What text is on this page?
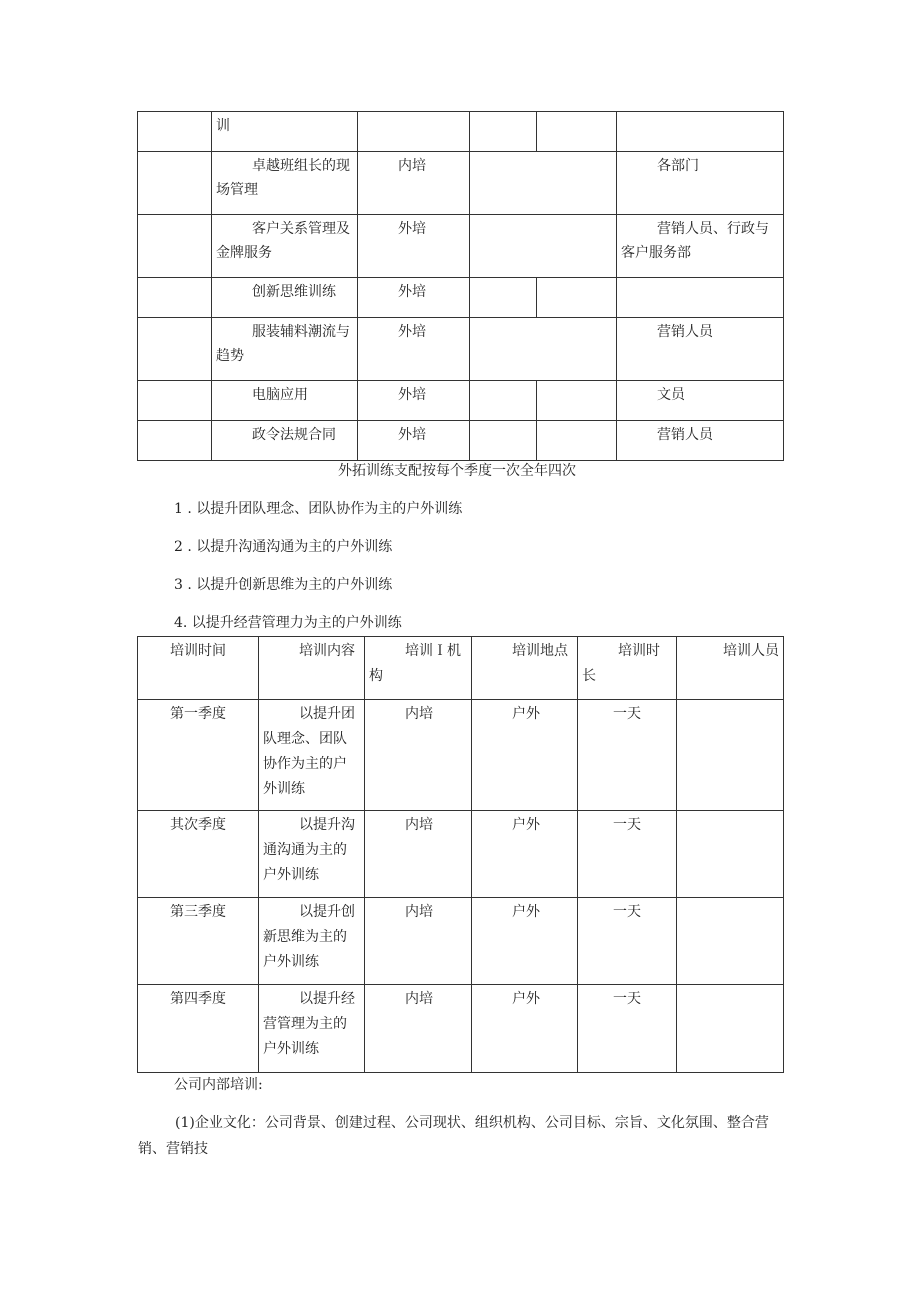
	训				
	卓越班组长的现场管理	内培			各部门
	客户关系管理及金牌服务	外培			营销人员、行政与客户服务部
	创新思维训练	外培			
	服装辅料潮流与趋势	外培			营销人员
	电脑应用	外培			文员
	政令法规合同	外培			营销人员
外拓训练支配按每个季度一次全年四次
1 . 以提升团队理念、团队协作为主的户外训练
2 . 以提升沟通沟通为主的户外训练
3 . 以提升创新思维为主的户外训练
4. 以提升经营管理力为主的户外训练
培训时间	培训内容	培训Ｉ机构	培训地点	培训时长	培训人员
第一季度	以提升团队理念、团队协作为主的户外训练	内培	户外	一天	
其次季度	以提升沟通沟通为主的户外训练	内培	户外	一天	
第三季度	以提升创新思维为主的户外训练	内培	户外	一天	
第四季度	以提升经营管理为主的户外训练	内培	户外	一天	
公司内部培训:
(1)企业文化：公司背景、创建过程、公司现状、组织机构、公司目标、宗旨、文化氛围、整合营销、营销技
